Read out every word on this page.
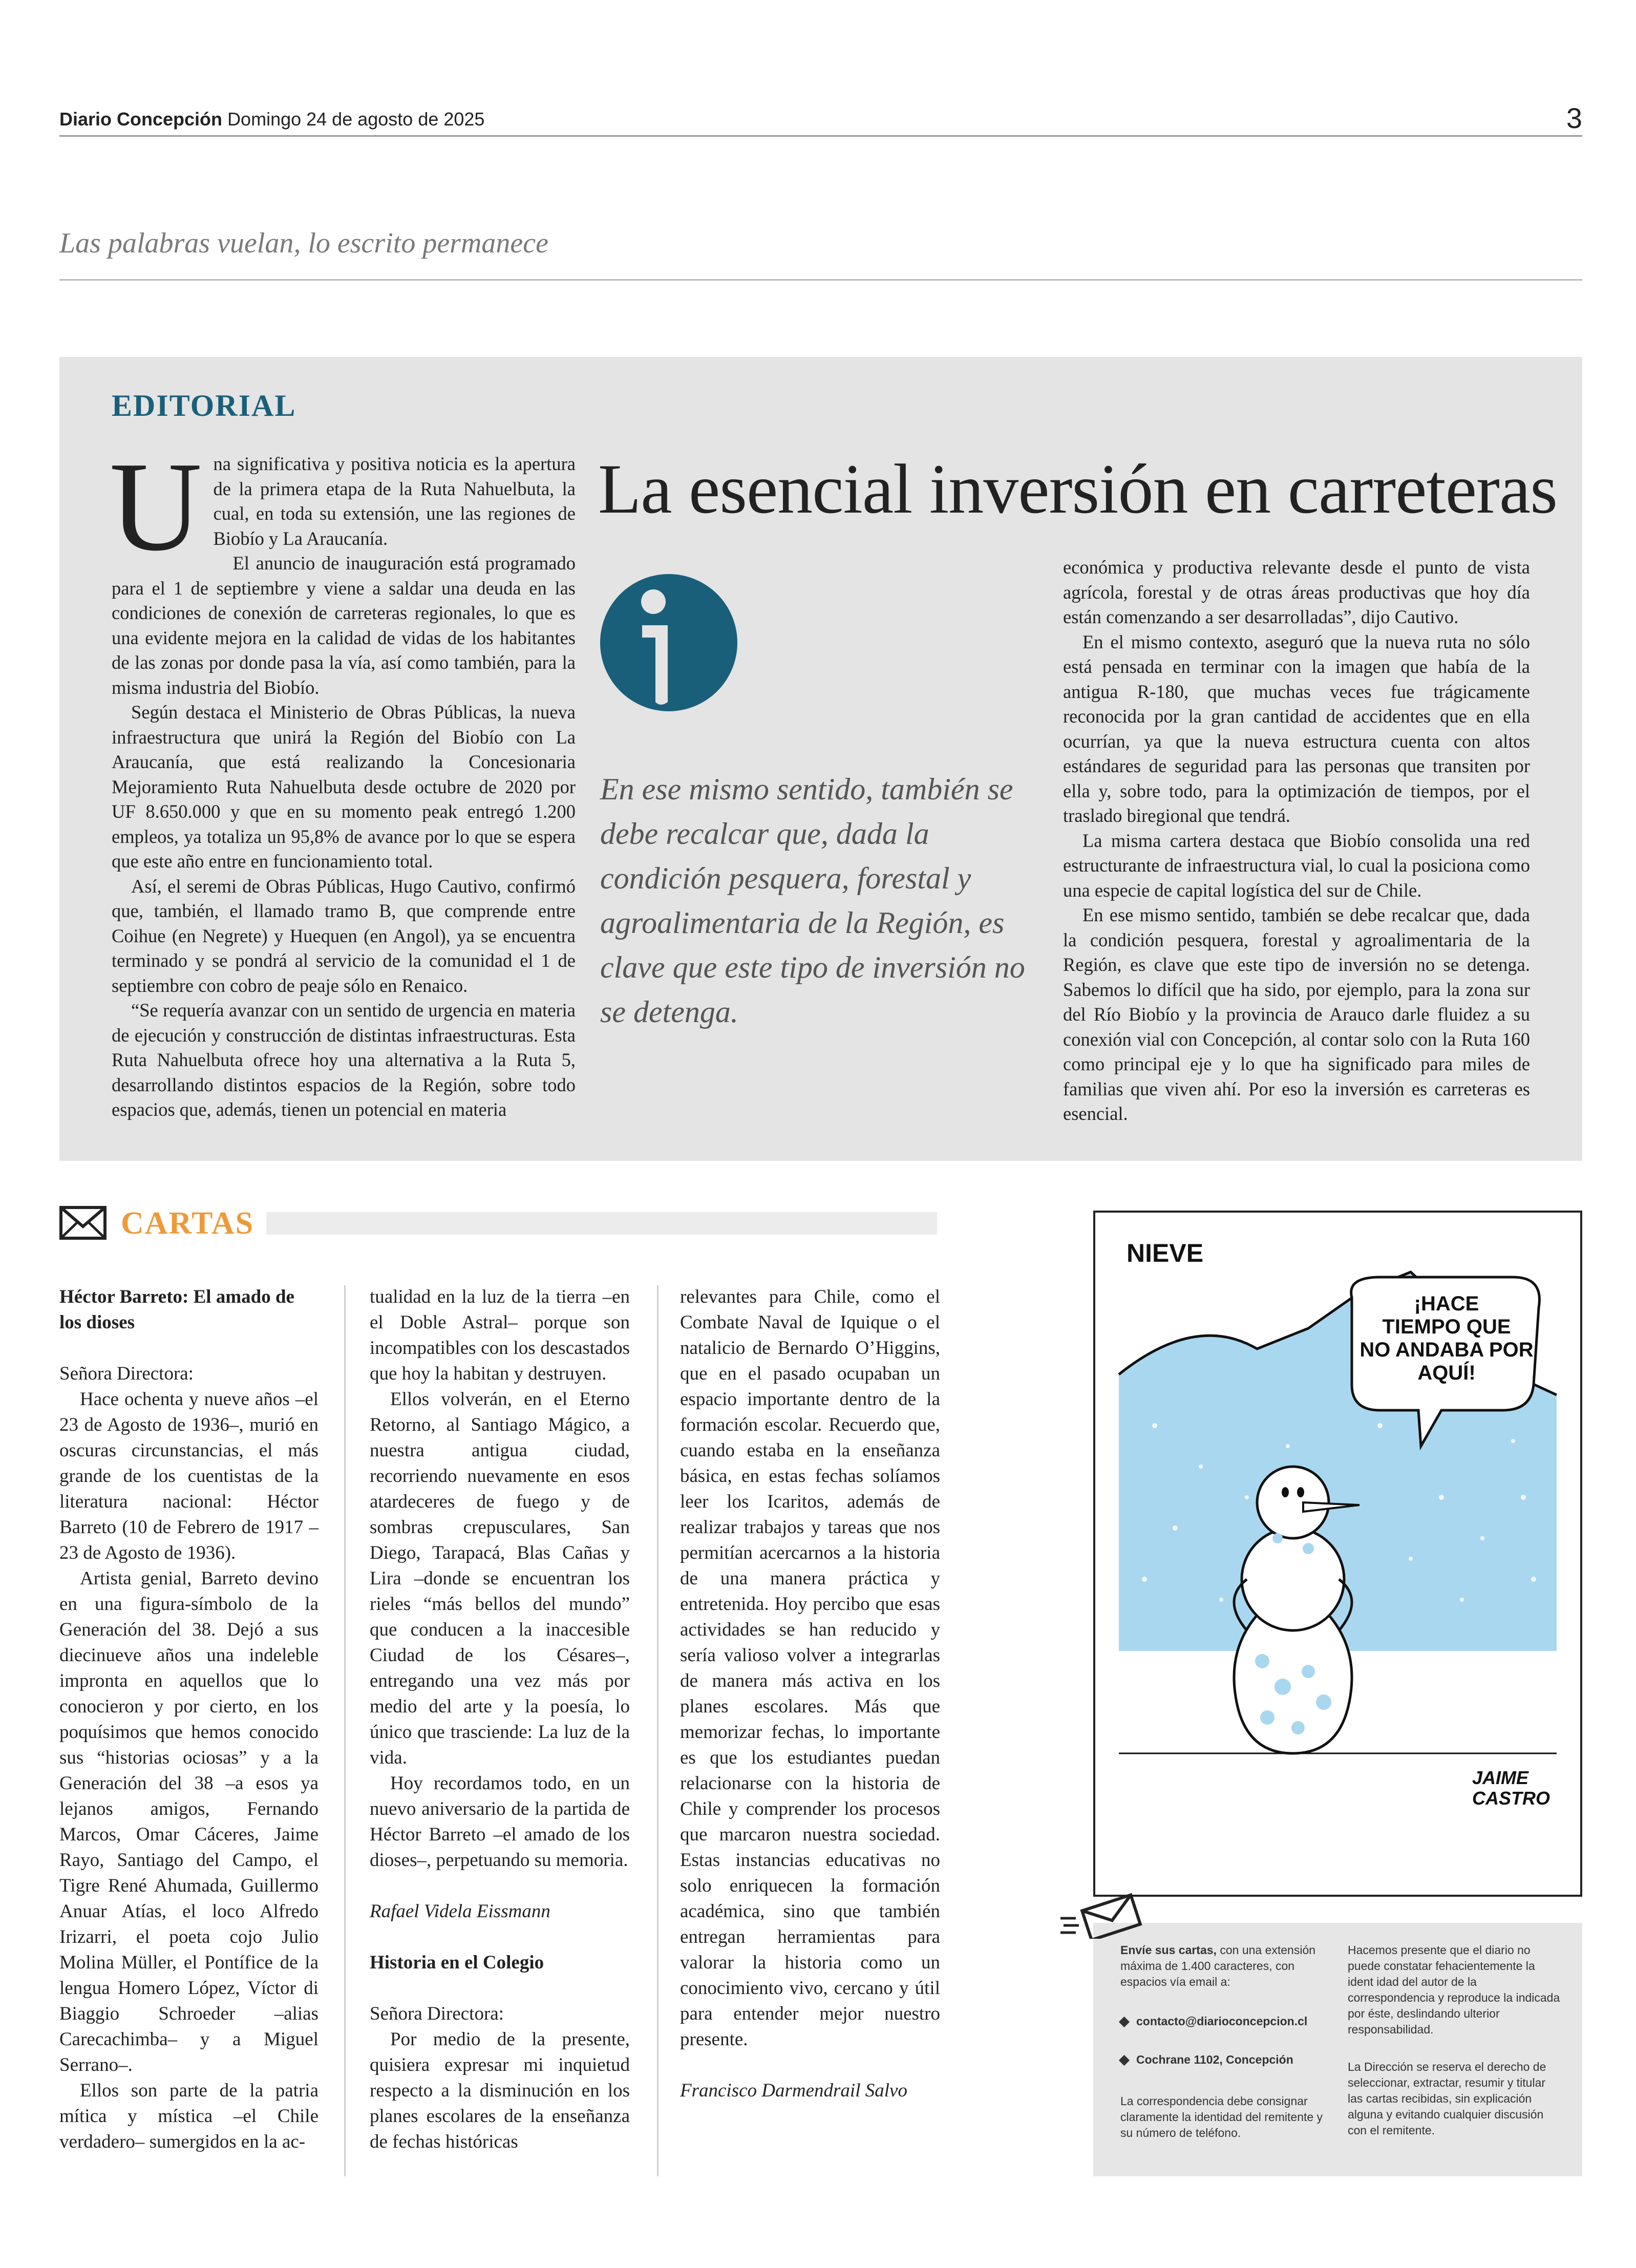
Diario Concepción Domingo 24 de agosto de 2025	3
Las palabras vuelan, lo escrito permanece
EDITORIAL
La esencial inversión en carreteras
U na significativa y positiva noticia es la apertura de la primera etapa de la Ruta Nahuelbuta, la cual, en toda su extensión, une las regiones de Biobío y La Araucanía.

El anuncio de inauguración está programado para el 1 de septiembre y viene a saldar una deuda en las condiciones de conexión de carreteras regionales, lo que es una evidente mejora en la calidad de vidas de los habitantes de las zonas por donde pasa la vía, así como también, para la misma industria del Biobío.

Según destaca el Ministerio de Obras Públicas, la nueva infraestructura que unirá la Región del Biobío con La Araucanía, que está realizando la Concesionaria Mejoramiento Ruta Nahuelbuta desde octubre de 2020 por UF 8.650.000 y que en su momento peak entregó 1.200 empleos, ya totaliza un 95,8% de avance por lo que se espera que este año entre en funcionamiento total.

Así, el seremi de Obras Públicas, Hugo Cautivo, confirmó que, también, el llamado tramo B, que comprende entre Coihue (en Negrete) y Huequen (en Angol), ya se encuentra terminado y se pondrá al servicio de la comunidad el 1 de septiembre con cobro de peaje sólo en Renaico.

“Se requería avanzar con un sentido de urgencia en materia de ejecución y construcción de distintas infraestructuras. Esta Ruta Nahuelbuta ofrece hoy una alternativa a la Ruta 5, desarrollando distintos espacios de la Región, sobre todo espacios que, además, tienen un potencial en materia

En ese mismo sentido, también se debe recalcar que, dada la condición pesquera, forestal y agroalimentaria de la Región, es clave que este tipo de inversión no se detenga.

económica y productiva relevante desde el punto de vista agrícola, forestal y de otras áreas productivas que hoy día están comenzando a ser desarrolladas”, dijo Cautivo.

En el mismo contexto, aseguró que la nueva ruta no sólo está pensada en terminar con la imagen que había de la antigua R-180, que muchas veces fue trágicamente reconocida por la gran cantidad de accidentes que en ella ocurrían, ya que la nueva estructura cuenta con altos estándares de seguridad para las personas que transiten por ella y, sobre todo, para la optimización de tiempos, por el traslado biregional que tendrá.

La misma cartera destaca que Biobío consolida una red estructurante de infraestructura vial, lo cual la posiciona como una especie de capital logística del sur de Chile.

En ese mismo sentido, también se debe recalcar que, dada la condición pesquera, forestal y agroalimentaria de la Región, es clave que este tipo de inversión no se detenga. Sabemos lo difícil que ha sido, por ejemplo, para la zona sur del Río Biobío y la provincia de Arauco darle fluidez a su conexión vial con Concepción, al contar solo con la Ruta 160 como principal eje y lo que ha significado para miles de familias que viven ahí. Por eso la inversión es carreteras es esencial.

CARTAS
Héctor Barreto: El amado de los dioses

Señora Directora:

Hace ochenta y nueve años –el 23 de Agosto de 1936–, murió en oscuras circunstancias, el más grande de los cuentistas de la literatura nacional: Héctor Barreto (10 de Febrero de 1917 – 23 de Agosto de 1936).

Artista genial, Barreto devino en una figura-símbolo de la Generación del 38. Dejó a sus diecinueve años una indeleble impronta en aquellos que lo conocieron y por cierto, en los poquísimos que hemos conocido sus “historias ociosas” y a la Generación del 38 –a esos ya lejanos amigos, Fernando Marcos, Omar Cáceres, Jaime Rayo, Santiago del Campo, el Tigre René Ahumada, Guillermo Anuar Atías, el loco Alfredo Irizarri, el poeta cojo Julio Molina Müller, el Pontífice de la lengua Homero López, Víctor di Biaggio Schroeder –alias Carecachimba– y a Miguel Serrano–.

Ellos son parte de la patria mítica y mística –el Chile verdadero– sumergidos en la ac-

tualidad en la luz de la tierra –en el Doble Astral– porque son incompatibles con los descastados que hoy la habitan y destruyen.

Ellos volverán, en el Eterno Retorno, al Santiago Mágico, a nuestra antigua ciudad, recorriendo nuevamente en esos atardeceres de fuego y de sombras crepusculares, San Diego, Tarapacá, Blas Cañas y Lira –donde se encuentran los rieles “más bellos del mundo” que conducen a la inaccesible Ciudad de los Césares–, entregando una vez más por medio del arte y la poesía, lo único que trasciende: La luz de la vida.

Hoy recordamos todo, en un nuevo aniversario de la partida de Héctor Barreto –el amado de los dioses–, perpetuando su memoria.

Rafael Videla Eissmann

Historia en el Colegio

Señora Directora:

Por medio de la presente, quisiera expresar mi inquietud respecto a la disminución en los planes escolares de la enseñanza de fechas históricas

relevantes para Chile, como el Combate Naval de Iquique o el natalicio de Bernardo O’Higgins, que en el pasado ocupaban un espacio importante dentro de la formación escolar. Recuerdo que, cuando estaba en la enseñanza básica, en estas fechas solíamos leer los Icaritos, además de realizar trabajos y tareas que nos permitían acercarnos a la historia de una manera práctica y entretenida. Hoy percibo que esas actividades se han reducido y sería valioso volver a integrarlas de manera más activa en los planes escolares. Más que memorizar fechas, lo importante es que los estudiantes puedan relacionarse con la historia de Chile y comprender los procesos que marcaron nuestra sociedad. Estas instancias educativas no solo enriquecen la formación académica, sino que también entregan herramientas para valorar la historia como un conocimiento vivo, cercano y útil para entender mejor nuestro presente.

Francisco Darmendrail Salvo

NIEVE
¡HACE
TIEMPO QUE
NO ANDABA POR
AQUÍ!
JAIME
CASTRO

Envíe sus cartas, con una extensión máxima de 1.400 caracteres, con espacios vía email a:

contacto@diarioconcepcion.cl

Cochrane 1102, Concepción

La correspondencia debe consignar claramente la identidad del remitente y su número de teléfono.

Hacemos presente que el diario no puede constatar fehacientemente la ident idad del autor de la correspondencia y reproduce la indicada por éste, deslindando ulterior responsabilidad.

La Dirección se reserva el derecho de seleccionar, extractar, resumir y titular las cartas recibidas, sin explicación alguna y evitando cualquier discusión con el remitente.
